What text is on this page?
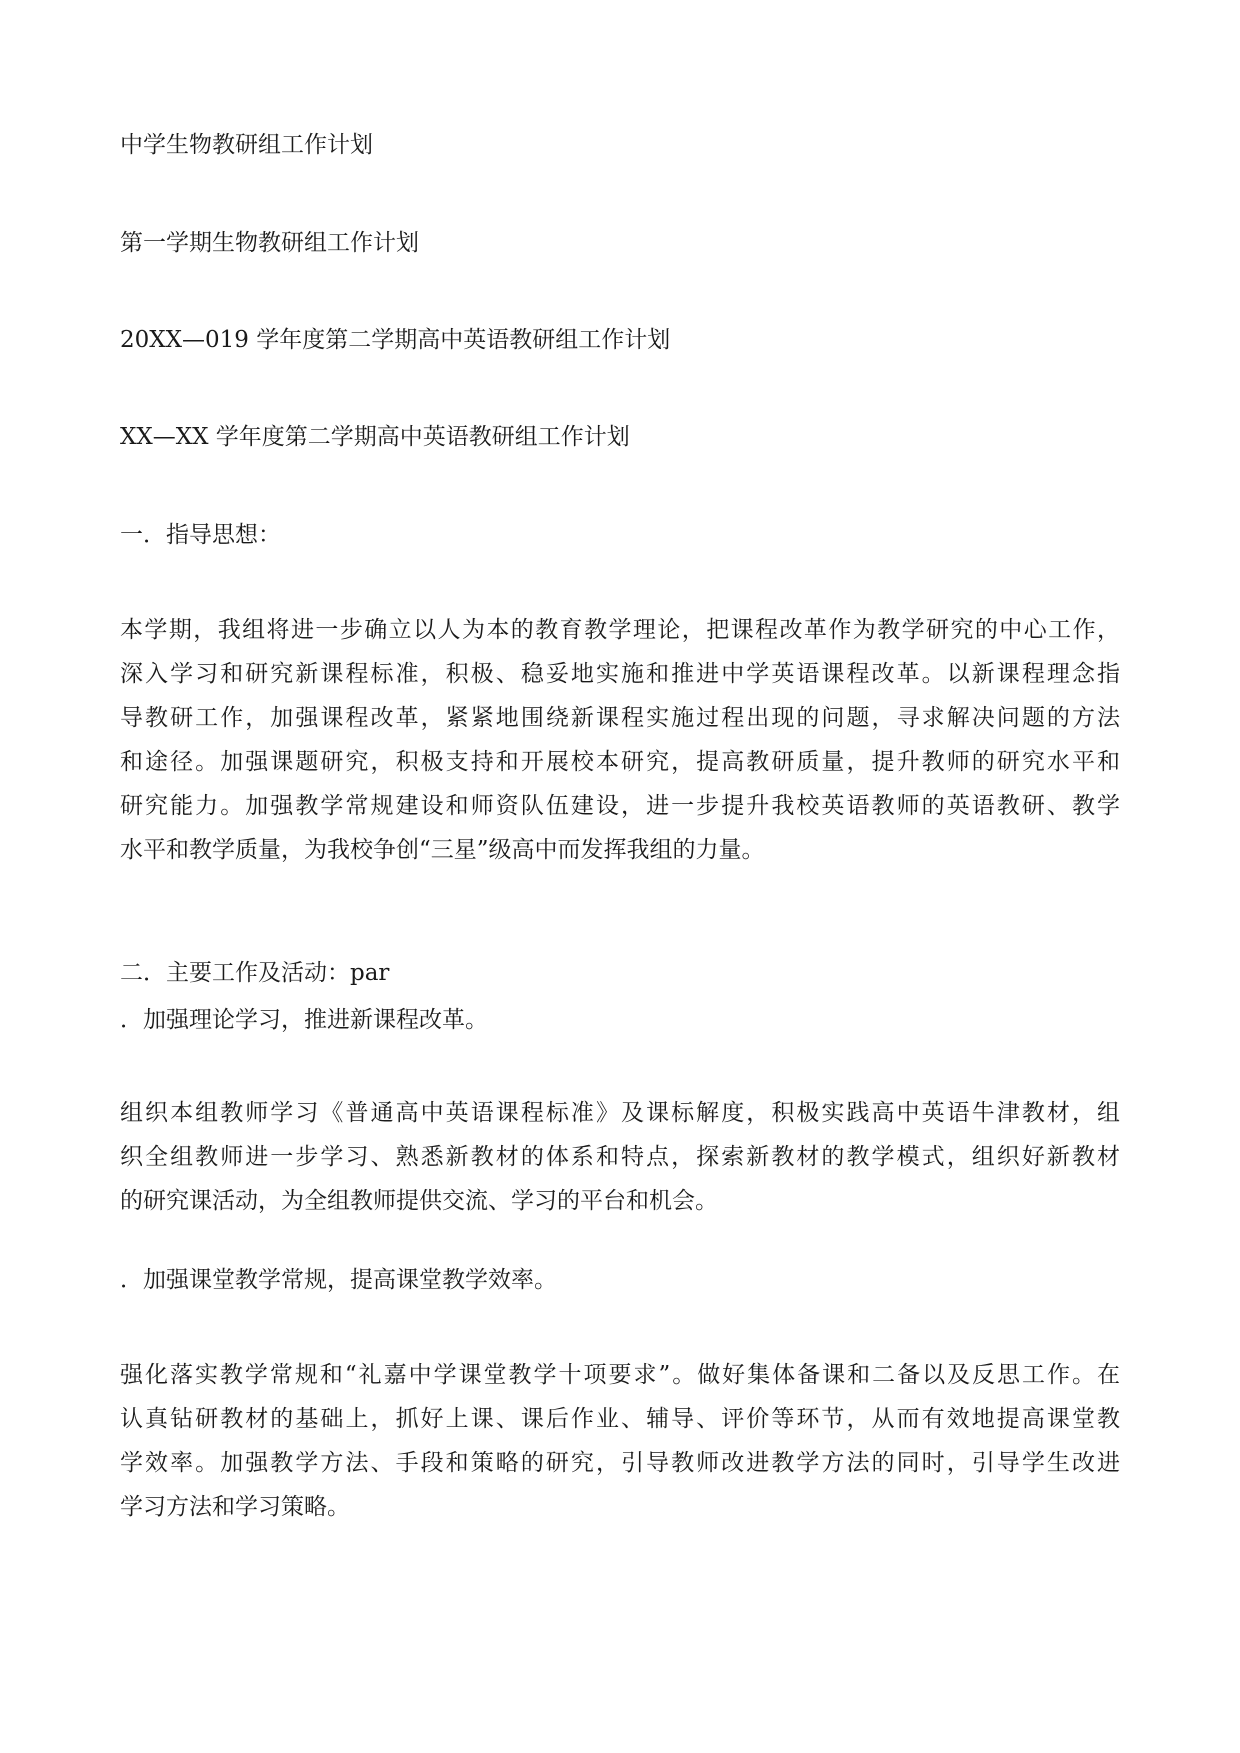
中学生物教研组工作计划

第一学期生物教研组工作计划

20XX—019 学年度第二学期高中英语教研组工作计划

XX—XX 学年度第二学期高中英语教研组工作计划

一．指导思想：

本学期，我组将进一步确立以人为本的教育教学理论，把课程改革作为教学研究的中心工作，
深入学习和研究新课程标准，积极、稳妥地实施和推进中学英语课程改革。以新课程理念指
导教研工作，加强课程改革，紧紧地围绕新课程实施过程出现的问题，寻求解决问题的方法
和途径。加强课题研究，积极支持和开展校本研究，提高教研质量，提升教师的研究水平和
研究能力。加强教学常规建设和师资队伍建设，进一步提升我校英语教师的英语教研、教学
水平和教学质量，为我校争创“三星”级高中而发挥我组的力量。

二．主要工作及活动：par

．加强理论学习，推进新课程改革。

组织本组教师学习《普通高中英语课程标准》及课标解度，积极实践高中英语牛津教材，组
织全组教师进一步学习、熟悉新教材的体系和特点，探索新教材的教学模式，组织好新教材
的研究课活动，为全组教师提供交流、学习的平台和机会。

．加强课堂教学常规，提高课堂教学效率。

强化落实教学常规和“礼嘉中学课堂教学十项要求”。做好集体备课和二备以及反思工作。在
认真钻研教材的基础上，抓好上课、课后作业、辅导、评价等环节，从而有效地提高课堂教
学效率。加强教学方法、手段和策略的研究，引导教师改进教学方法的同时，引导学生改进
学习方法和学习策略。
